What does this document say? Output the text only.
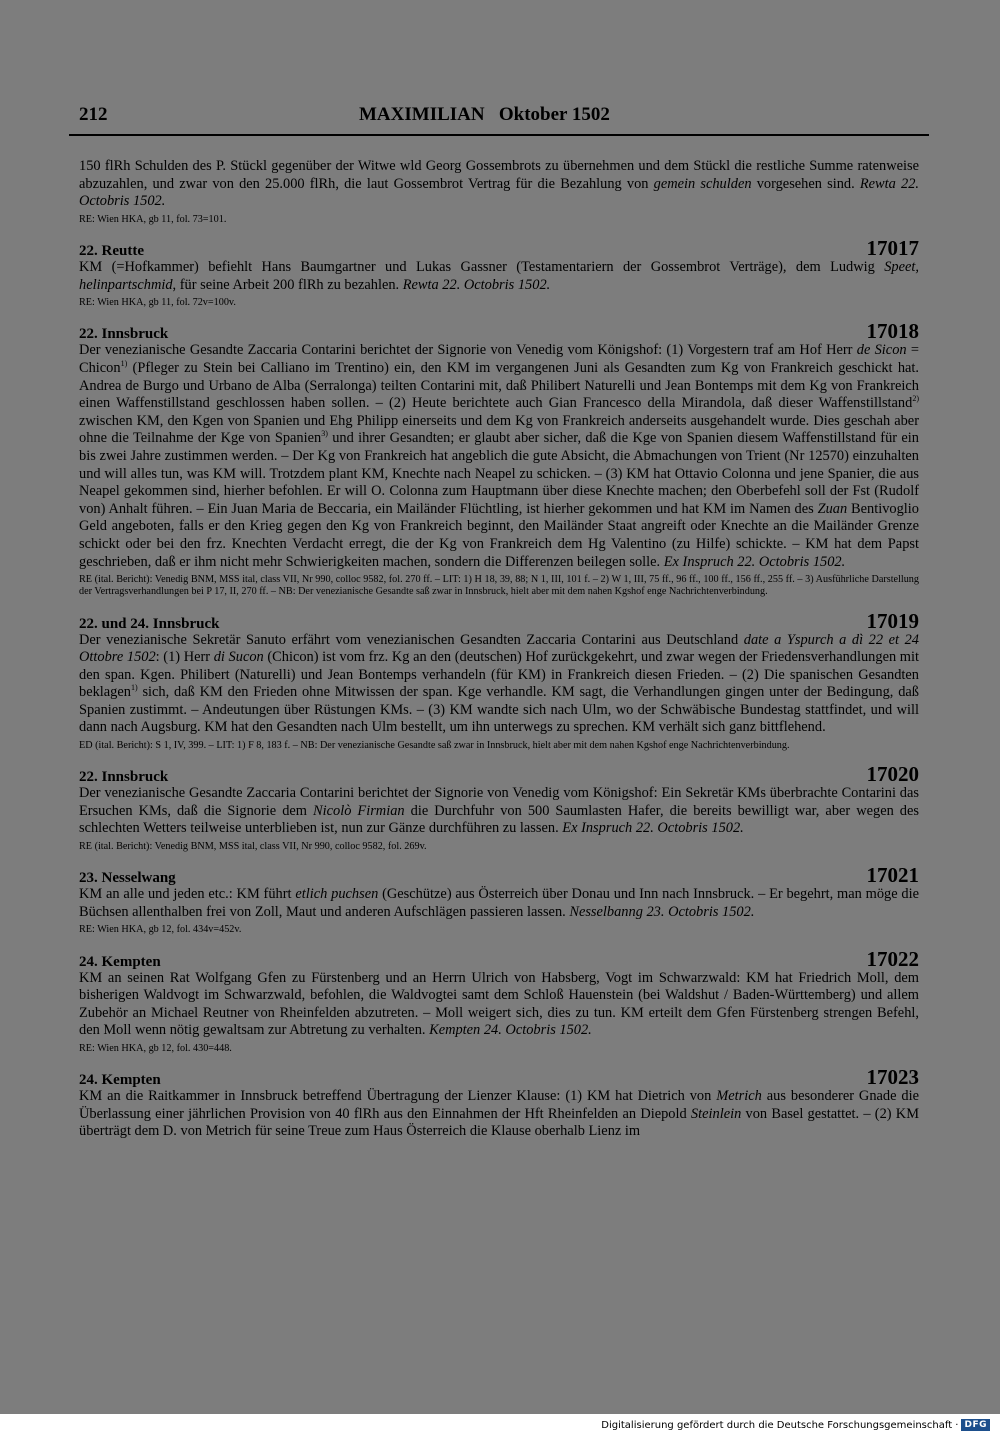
212	MAXIMILIAN   Oktober 1502

150 flRh Schulden des P. Stückl gegenüber der Witwe wld Georg Gossembrots zu übernehmen und dem Stückl die restliche Summe ratenweise abzuzahlen, und zwar von den 25.000 flRh, die laut Gossembrot Vertrag für die Bezahlung von gemein schulden vorgesehen sind. Rewta 22. Octobris 1502.

RE: Wien HKA, gb 11, fol. 73=101.
22. Reutte	17017

KM (=Hofkammer) befiehlt Hans Baumgartner und Lukas Gassner (Testamentariern der Gossembrot Verträge), dem Ludwig Speet, helinpartschmid, für seine Arbeit 200 flRh zu bezahlen. Rewta 22. Octobris 1502.

RE: Wien HKA, gb 11, fol. 72v=100v.
22. Innsbruck	17018

Der venezianische Gesandte Zaccaria Contarini berichtet der Signorie von Venedig vom Königshof: (1) Vorgestern traf am Hof Herr de Sicon = Chicon$^{1)}$ (Pfleger zu Stein bei Calliano im Trentino) ein, den KM im vergangenen Juni als Gesandten zum Kg von Frankreich geschickt hat. Andrea de Burgo und Urbano de Alba (Serralonga) teilten Contarini mit, daß Philibert Naturelli und Jean Bontemps mit dem Kg von Frankreich einen Waffenstillstand geschlossen haben sollen. – (2) Heute berichtete auch Gian Francesco della Mirandola, daß dieser Waffenstillstand$^{2)}$ zwischen KM, den Kgen von Spanien und Ehg Philipp einerseits und dem Kg von Frankreich anderseits ausgehandelt wurde. Dies geschah aber ohne die Teilnahme der Kge von Spanien$^{3)}$ und ihrer Gesandten; er glaubt aber sicher, daß die Kge von Spanien diesem Waffenstillstand für ein bis zwei Jahre zustimmen werden. – Der Kg von Frankreich hat angeblich die gute Absicht, die Abmachungen von Trient (Nr 12570) einzuhalten und will alles tun, was KM will. Trotzdem plant KM, Knechte nach Neapel zu schicken. – (3) KM hat Ottavio Colonna und jene Spanier, die aus Neapel gekommen sind, hierher befohlen. Er will O. Colonna zum Hauptmann über diese Knechte machen; den Oberbefehl soll der Fst (Rudolf von) Anhalt führen. – Ein Juan Maria de Beccaria, ein Mailänder Flüchtling, ist hierher gekommen und hat KM im Namen des Zuan Bentivoglio Geld angeboten, falls er den Krieg gegen den Kg von Frankreich beginnt, den Mailänder Staat angreift oder Knechte an die Mailänder Grenze schickt oder bei den frz. Knechten Verdacht erregt, die der Kg von Frankreich dem Hg Valentino (zu Hilfe) schickte. – KM hat dem Papst geschrieben, daß er ihm nicht mehr Schwierigkeiten machen, sondern die Differenzen beilegen solle. Ex Inspruch 22. Octobris 1502.

RE (ital. Bericht): Venedig BNM, MSS ital, class VII, Nr 990, colloc 9582, fol. 270 ff. – LIT: 1) H 18, 39, 88; N 1, III, 101 f. – 2) W 1, III, 75 ff., 96 ff., 100 ff., 156 ff., 255 ff. – 3) Ausführliche Darstellung der Vertragsverhandlungen bei P 17, II, 270 ff. – NB: Der venezianische Gesandte saß zwar in Innsbruck, hielt aber mit dem nahen Kgshof enge Nachrichtenverbindung.
22. und 24. Innsbruck	17019

Der venezianische Sekretär Sanuto erfährt vom venezianischen Gesandten Zaccaria Contarini aus Deutschland date a Yspurch a dì 22 et 24 Ottobre 1502: (1) Herr di Sucon (Chicon) ist vom frz. Kg an den (deutschen) Hof zurückgekehrt, und zwar wegen der Friedensverhandlungen mit den span. Kgen. Philibert (Naturelli) und Jean Bontemps verhandeln (für KM) in Frankreich diesen Frieden. – (2) Die spanischen Gesandten beklagen$^{1)}$ sich, daß KM den Frieden ohne Mitwissen der span. Kge verhandle. KM sagt, die Verhandlungen gingen unter der Bedingung, daß Spanien zustimmt. – Andeutungen über Rüstungen KMs. – (3) KM wandte sich nach Ulm, wo der Schwäbische Bundestag stattfindet, und will dann nach Augsburg. KM hat den Gesandten nach Ulm bestellt, um ihn unterwegs zu sprechen. KM verhält sich ganz bittflehend.

ED (ital. Bericht): S 1, IV, 399. – LIT: 1) F 8, 183 f. – NB: Der venezianische Gesandte saß zwar in Innsbruck, hielt aber mit dem nahen Kgshof enge Nachrichtenverbindung.
22. Innsbruck	17020

Der venezianische Gesandte Zaccaria Contarini berichtet der Signorie von Venedig vom Königshof: Ein Sekretär KMs überbrachte Contarini das Ersuchen KMs, daß die Signorie dem Nicolò Firmian die Durchfuhr von 500 Saumlasten Hafer, die bereits bewilligt war, aber wegen des schlechten Wetters teilweise unterblieben ist, nun zur Gänze durchführen zu lassen. Ex Inspruch 22. Octobris 1502.

RE (ital. Bericht): Venedig BNM, MSS ital, class VII, Nr 990, colloc 9582, fol. 269v.
23. Nesselwang	17021

KM an alle und jeden etc.: KM führt etlich puchsen (Geschütze) aus Österreich über Donau und Inn nach Innsbruck. – Er begehrt, man möge die Büchsen allenthalben frei von Zoll, Maut und anderen Aufschlägen passieren lassen. Nesselbanng 23. Octobris 1502.

RE: Wien HKA, gb 12, fol. 434v=452v.
24. Kempten	17022

KM an seinen Rat Wolfgang Gfen zu Fürstenberg und an Herrn Ulrich von Habsberg, Vogt im Schwarzwald: KM hat Friedrich Moll, dem bisherigen Waldvogt im Schwarzwald, befohlen, die Waldvogtei samt dem Schloß Hauenstein (bei Waldshut / Baden-Württemberg) und allem Zubehör an Michael Reutner von Rheinfelden abzutreten. – Moll weigert sich, dies zu tun. KM erteilt dem Gfen Fürstenberg strengen Befehl, den Moll wenn nötig gewaltsam zur Abtretung zu verhalten. Kempten 24. Octobris 1502.

RE: Wien HKA, gb 12, fol. 430=448.
24. Kempten	17023

KM an die Raitkammer in Innsbruck betreffend Übertragung der Lienzer Klause: (1) KM hat Dietrich von Metrich aus besonderer Gnade die Überlassung einer jährlichen Provision von 40 flRh aus den Einnahmen der Hft Rheinfelden an Diepold Steinlein von Basel gestattet. – (2) KM überträgt dem D. von Metrich für seine Treue zum Haus Österreich die Klause oberhalb Lienz im

Digitalisierung gefördert durch die Deutsche Forschungsgemeinschaft · DFG
